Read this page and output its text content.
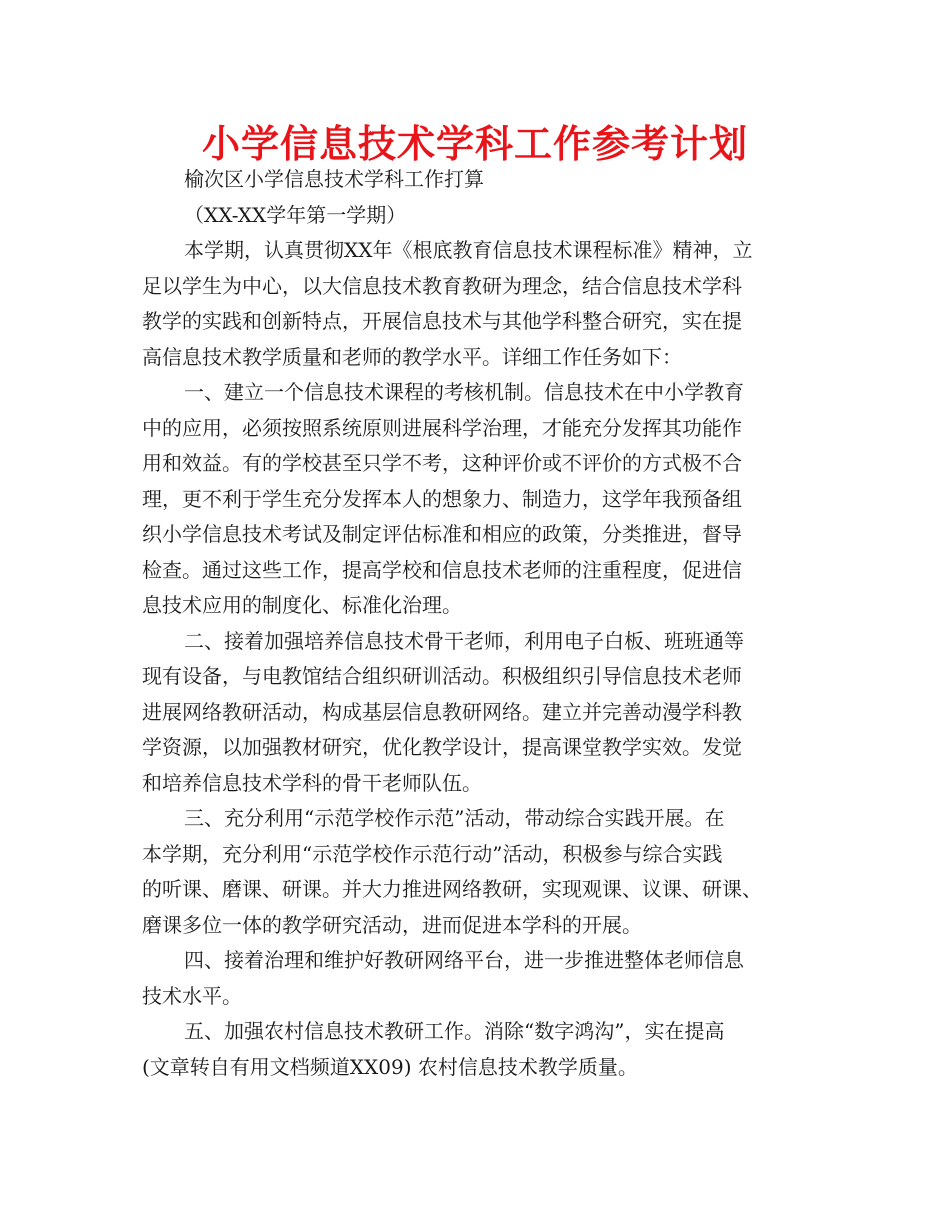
小学信息技术学科工作参考计划
榆次区小学信息技术学科工作打算
（XX-XX学年第一学期）
本学期，认真贯彻XX年《根底教育信息技术课程标准》精神，立
足以学生为中心，以大信息技术教育教研为理念，结合信息技术学科
教学的实践和创新特点，开展信息技术与其他学科整合研究，实在提
高信息技术教学质量和老师的教学水平。详细工作任务如下：
一、建立一个信息技术课程的考核机制。信息技术在中小学教育
中的应用，必须按照系统原则进展科学治理，才能充分发挥其功能作
用和效益。有的学校甚至只学不考，这种评价或不评价的方式极不合
理，更不利于学生充分发挥本人的想象力、制造力，这学年我预备组
织小学信息技术考试及制定评估标准和相应的政策，分类推进，督导
检查。通过这些工作，提高学校和信息技术老师的注重程度，促进信
息技术应用的制度化、标准化治理。
二、接着加强培养信息技术骨干老师，利用电子白板、班班通等
现有设备，与电教馆结合组织研训活动。积极组织引导信息技术老师
进展网络教研活动，构成基层信息教研网络。建立并完善动漫学科教
学资源，以加强教材研究，优化教学设计，提高课堂教学实效。发觉
和培养信息技术学科的骨干老师队伍。
三、充分利用“示范学校作示范”活动，带动综合实践开展。在
本学期，充分利用“示范学校作示范行动”活动，积极参与综合实践
的听课、磨课、研课。并大力推进网络教研，实现观课、议课、研课、
磨课多位一体的教学研究活动，进而促进本学科的开展。
四、接着治理和维护好教研网络平台，进一步推进整体老师信息
技术水平。
五、加强农村信息技术教研工作。消除“数字鸿沟”，实在提高
(文章转自有用文档频道XX09) 农村信息技术教学质量。
